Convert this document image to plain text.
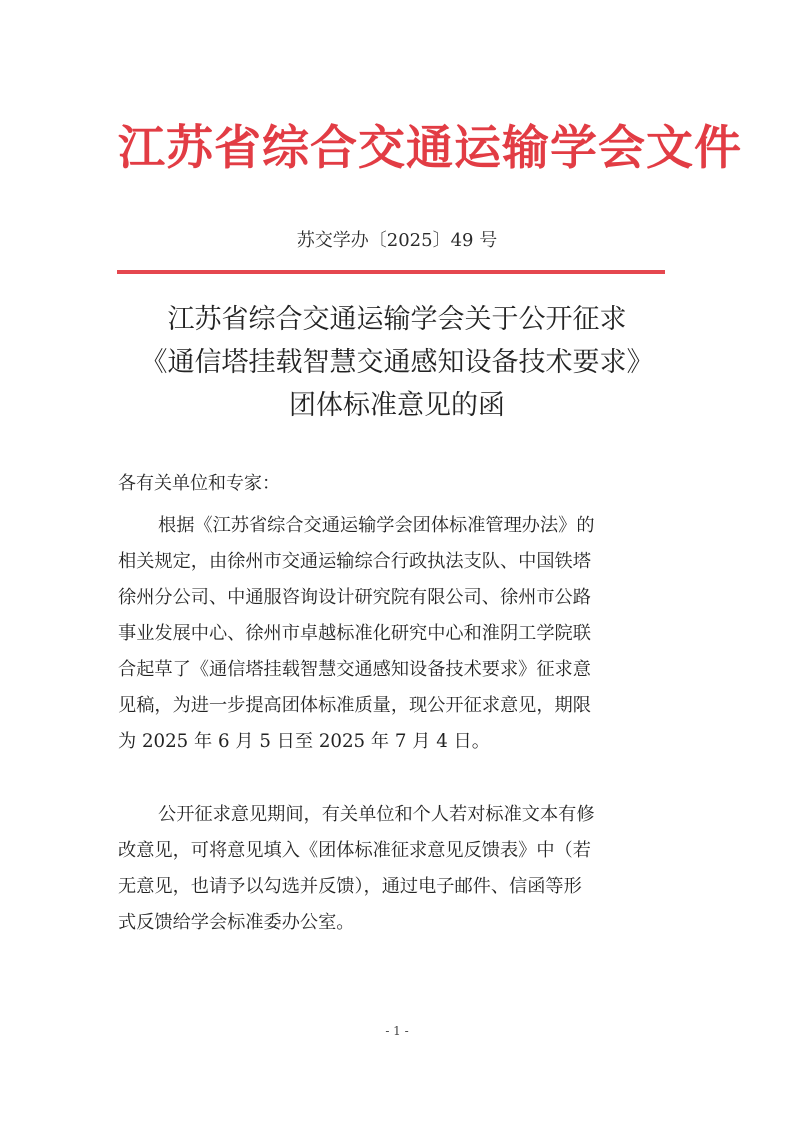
江苏省综合交通运输学会文件
苏交学办〔2025〕49 号
江苏省综合交通运输学会关于公开征求
《通信塔挂载智慧交通感知设备技术要求》
团体标准意见的函
各有关单位和专家：
根据《江苏省综合交通运输学会团体标准管理办法》的
相关规定，由徐州市交通运输综合行政执法支队、中国铁塔
徐州分公司、中通服咨询设计研究院有限公司、徐州市公路
事业发展中心、徐州市卓越标准化研究中心和淮阴工学院联
合起草了《通信塔挂载智慧交通感知设备技术要求》征求意
见稿，为进一步提高团体标准质量，现公开征求意见，期限
为 2025 年 6 月 5 日至 2025 年 7 月 4 日。
公开征求意见期间，有关单位和个人若对标准文本有修
改意见，可将意见填入《团体标准征求意见反馈表》中（若
无意见，也请予以勾选并反馈），通过电子邮件、信函等形
式反馈给学会标准委办公室。
- 1 -
